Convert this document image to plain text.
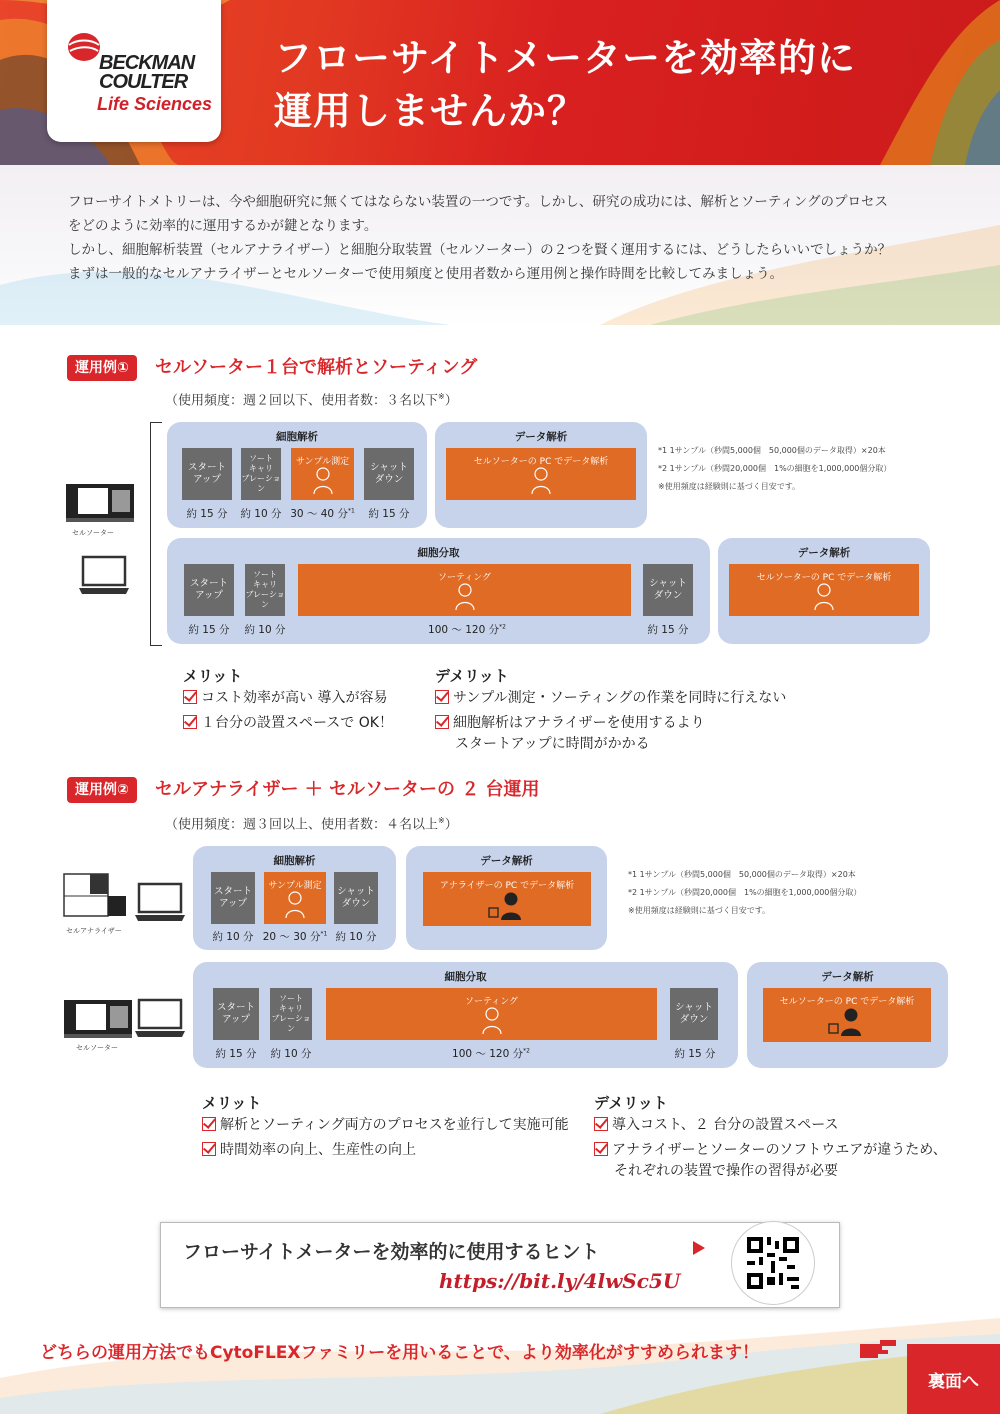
BECKMAN
COULTER
Life Sciences
フローサイトメーターを効率的に
運用しませんか？

フローサイトメトリーは、今や細胞研究に無くてはならない装置の一つです。しかし、研究の成功には、解析とソーティングのプロセス

をどのように効率的に運用するかが鍵となります。

しかし、細胞解析装置（セルアナライザー）と細胞分取装置（セルソーター）の２つを賢く運用するには、どうしたらいいでしょうか？

まずは一般的なセルアナライザーとセルソーターで使用頻度と使用者数から運用例と操作時間を比較してみましょう。

運用例①	セルソーター１台で解析とソーティング
（使用頻度：週２回以下、使用者数：３名以下※）
セルソーター
細胞解析
スタート
アップ
ソート
キャリ
ブレーション
サンプル測定	シャット
ダウン
約 15 分	約 10 分 30 ～ 40 分$^{*1}$	約 15 分
データ解析
セルソーターの PC でデータ解析
*1 1サンプル（秒間5,000個　50,000個のデータ取得）×20本
*2 1サンプル（秒間20,000個　1%の細胞を1,000,000個分取）
※使用頻度は経験則に基づく目安です。
細胞分取
スタート
アップ
ソート
キャリ
ブレーション
ソーティング	シャット
ダウン
約 15 分	約 10 分	100 ～ 120 分$^{*2}$	約 15 分
データ解析
セルソーターの PC でデータ解析
メリット
コスト効率が高い 導入が容易
１台分の設置スペースで OK！
デメリット
サンプル測定・ソーティングの作業を同時に行えない
細胞解析はアナライザーを使用するより
スタートアップに時間がかかる
運用例②	セルアナライザー ＋ セルソーターの ２ 台運用
（使用頻度：週３回以上、使用者数：４名以上※）
セルアナライザー
細胞解析
スタート
アップ
サンプル測定	シャット
ダウン
約 10 分 20 ～ 30 分$^{*1}$ 約 10 分
データ解析
アナライザーの PC でデータ解析
*1 1サンプル（秒間5,000個　50,000個のデータ取得）×20本
*2 1サンプル（秒間20,000個　1%の細胞を1,000,000個分取）
※使用頻度は経験則に基づく目安です。
セルソーター
細胞分取
スタート
アップ
ソート
キャリ
ブレーション
ソーティング	シャット
ダウン
約 15 分	約 10 分	100 ～ 120 分$^{*2}$	約 15 分
データ解析
セルソーターの PC でデータ解析
メリット
解析とソーティング両方のプロセスを並行して実施可能
時間効率の向上、生産性の向上
デメリット
導入コスト、２ 台分の設置スペース
アナライザーとソーターのソフトウエアが違うため、
それぞれの装置で操作の習得が必要
フローサイトメーターを効率的に使用するヒント
https://bit.ly/4lwSc5U
どちらの運用方法でもCytoFLEXファミリーを用いることで、より効率化がすすめられます！
裏面へ
